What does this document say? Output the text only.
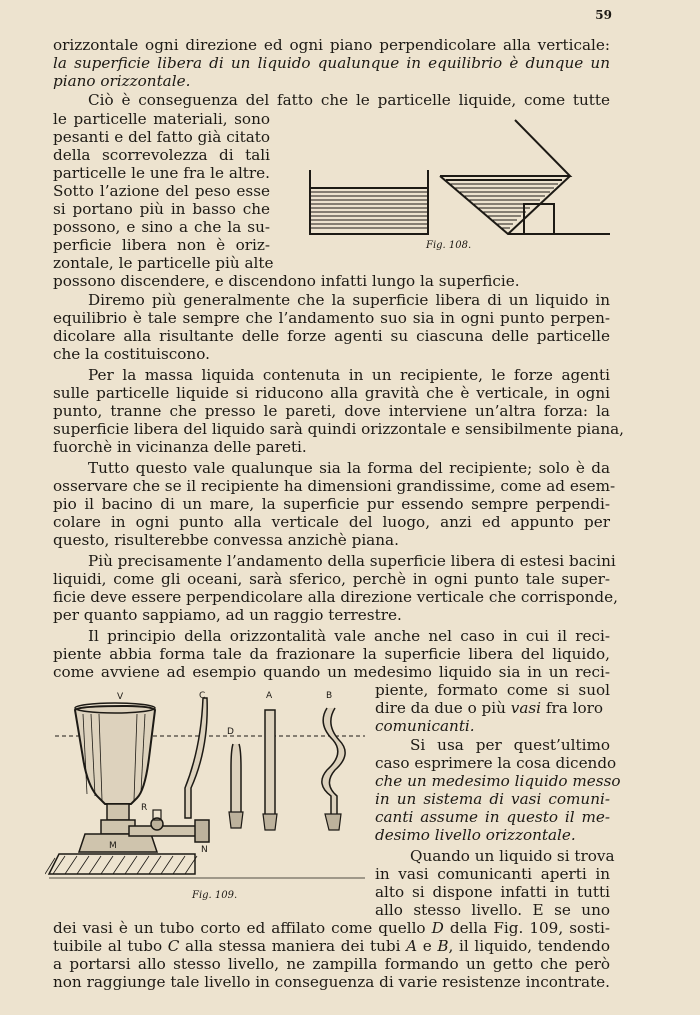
59
orizzontale ogni direzione ed ogni piano perpendicolare alla verticale:
la superficie libera di un liquido qualunque in equilibrio è dunque un
piano orizzontale.
Ciò è conseguenza del fatto che le particelle liquide, come tutte
le particelle materiali, sono
pesanti e del fatto già citato
della scorrevolezza di tali
particelle le une fra le altre.
Sotto l’azione del peso esse
si portano più in basso che
possono, e sino a che la su-
perficie libera non è oriz-
zontale, le particelle più alte
Fig. 108.
possono discendere, e discendono infatti lungo la superficie.
Diremo più generalmente che la superficie libera di un liquido in
equilibrio è tale sempre che l’andamento suo sia in ogni punto perpen-
dicolare alla risultante delle forze agenti su ciascuna delle particelle
che la costituiscono.
Per la massa liquida contenuta in un recipiente, le forze agenti
sulle particelle liquide si riducono alla gravità che è verticale, in ogni
punto, tranne che presso le pareti, dove interviene un’altra forza: la
superficie libera del liquido sarà quindi orizzontale e sensibilmente piana,
fuorchè in vicinanza delle pareti.
Tutto questo vale qualunque sia la forma del recipiente; solo è da
osservare che se il recipiente ha dimensioni grandissime, come ad esem-
pio il bacino di un mare, la superficie pur essendo sempre perpendi-
colare in ogni punto alla verticale del luogo, anzi ed appunto per
questo, risulterebbe convessa anzichè piana.
Più precisamente l’andamento della superficie libera di estesi bacini
liquidi, come gli oceani, sarà sferico, perchè in ogni punto tale super-
ficie deve essere perpendicolare alla direzione verticale che corrisponde,
per quanto sappiamo, ad un raggio terrestre.
Il principio della orizzontalità vale anche nel caso in cui il reci-
piente abbia forma tale da frazionare la superficie libera del liquido,
come avviene ad esempio quando un medesimo liquido sia in un reci-
piente, formato come si suol
dire da due o più vasi fra loro
comunicanti.
Si usa per quest’ultimo
caso esprimere la cosa dicendo
che un medesimo liquido messo
in un sistema di vasi comuni-
canti assume in questo il me-
desimo livello orizzontale.
Quando un liquido si trova
in vasi comunicanti aperti in
alto si dispone infatti in tutti
allo stesso livello. E se uno
V	C	A	B
D
R
M	N
Fig. 109.
dei vasi è un tubo corto ed affilato come quello D della Fig. 109, sosti-
tuibile al tubo C alla stessa maniera dei tubi A e B, il liquido, tendendo
a portarsi allo stesso livello, ne zampilla formando un getto che però
non raggiunge tale livello in conseguenza di varie resistenze incontrate.
